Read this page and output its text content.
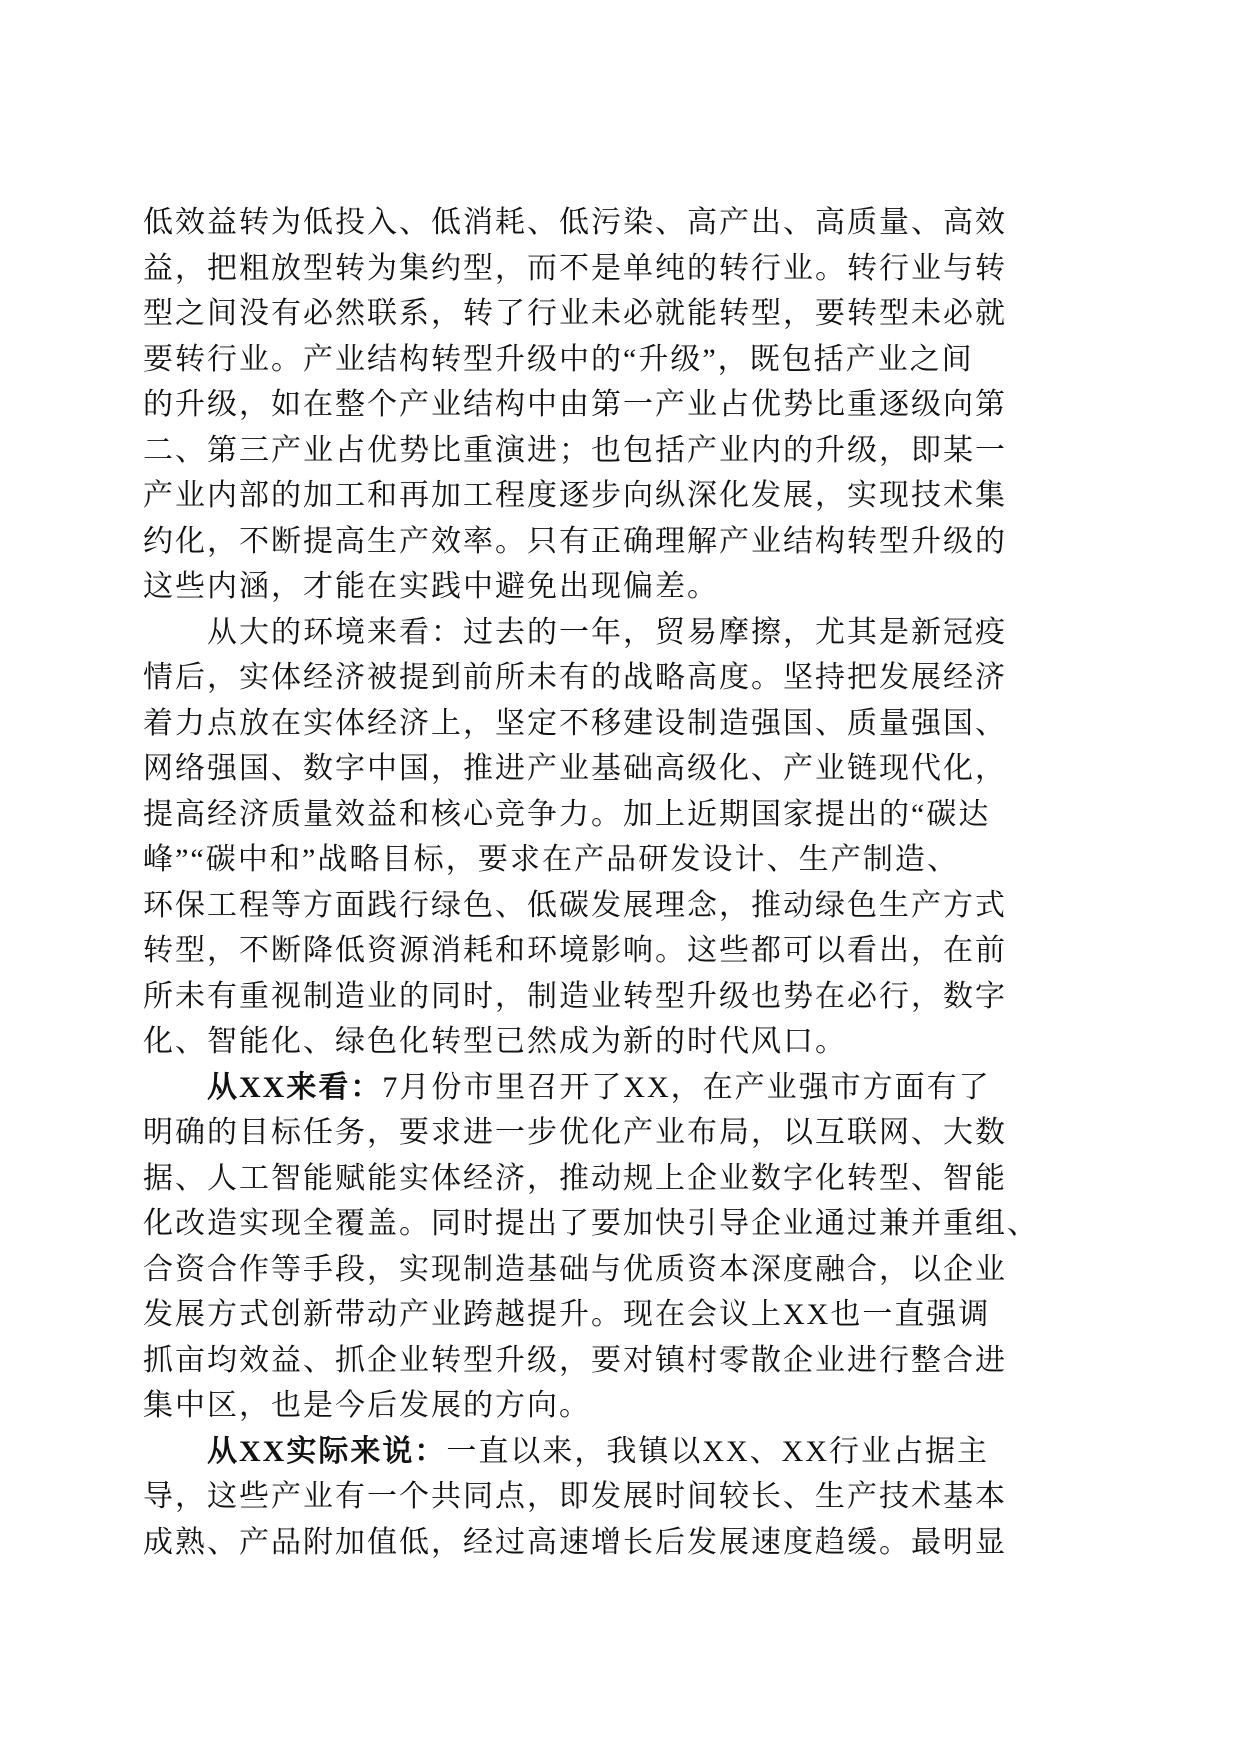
低效益转为低投入、低消耗、低污染、高产出、高质量、高效
益，把粗放型转为集约型，而不是单纯的转行业。转行业与转
型之间没有必然联系，转了行业未必就能转型，要转型未必就
要转行业。产业结构转型升级中的“升级”，既包括产业之间
的升级，如在整个产业结构中由第一产业占优势比重逐级向第
二、第三产业占优势比重演进；也包括产业内的升级，即某一
产业内部的加工和再加工程度逐步向纵深化发展，实现技术集
约化，不断提高生产效率。只有正确理解产业结构转型升级的
这些内涵，才能在实践中避免出现偏差。
从大的环境来看：过去的一年，贸易摩擦，尤其是新冠疫
情后，实体经济被提到前所未有的战略高度。坚持把发展经济
着力点放在实体经济上，坚定不移建设制造强国、质量强国、
网络强国、数字中国，推进产业基础高级化、产业链现代化，
提高经济质量效益和核心竞争力。加上近期国家提出的“碳达
峰”“碳中和”战略目标，要求在产品研发设计、生产制造、
环保工程等方面践行绿色、低碳发展理念，推动绿色生产方式
转型，不断降低资源消耗和环境影响。这些都可以看出，在前
所未有重视制造业的同时，制造业转型升级也势在必行，数字
化、智能化、绿色化转型已然成为新的时代风口。
从XX来看：7月份市里召开了XX，在产业强市方面有了
明确的目标任务，要求进一步优化产业布局，以互联网、大数
据、人工智能赋能实体经济，推动规上企业数字化转型、智能
化改造实现全覆盖。同时提出了要加快引导企业通过兼并重组、
合资合作等手段，实现制造基础与优质资本深度融合，以企业
发展方式创新带动产业跨越提升。现在会议上XX也一直强调
抓亩均效益、抓企业转型升级，要对镇村零散企业进行整合进
集中区，也是今后发展的方向。
从XX实际来说：一直以来，我镇以XX、XX行业占据主
导，这些产业有一个共同点，即发展时间较长、生产技术基本
成熟、产品附加值低，经过高速增长后发展速度趋缓。最明显
